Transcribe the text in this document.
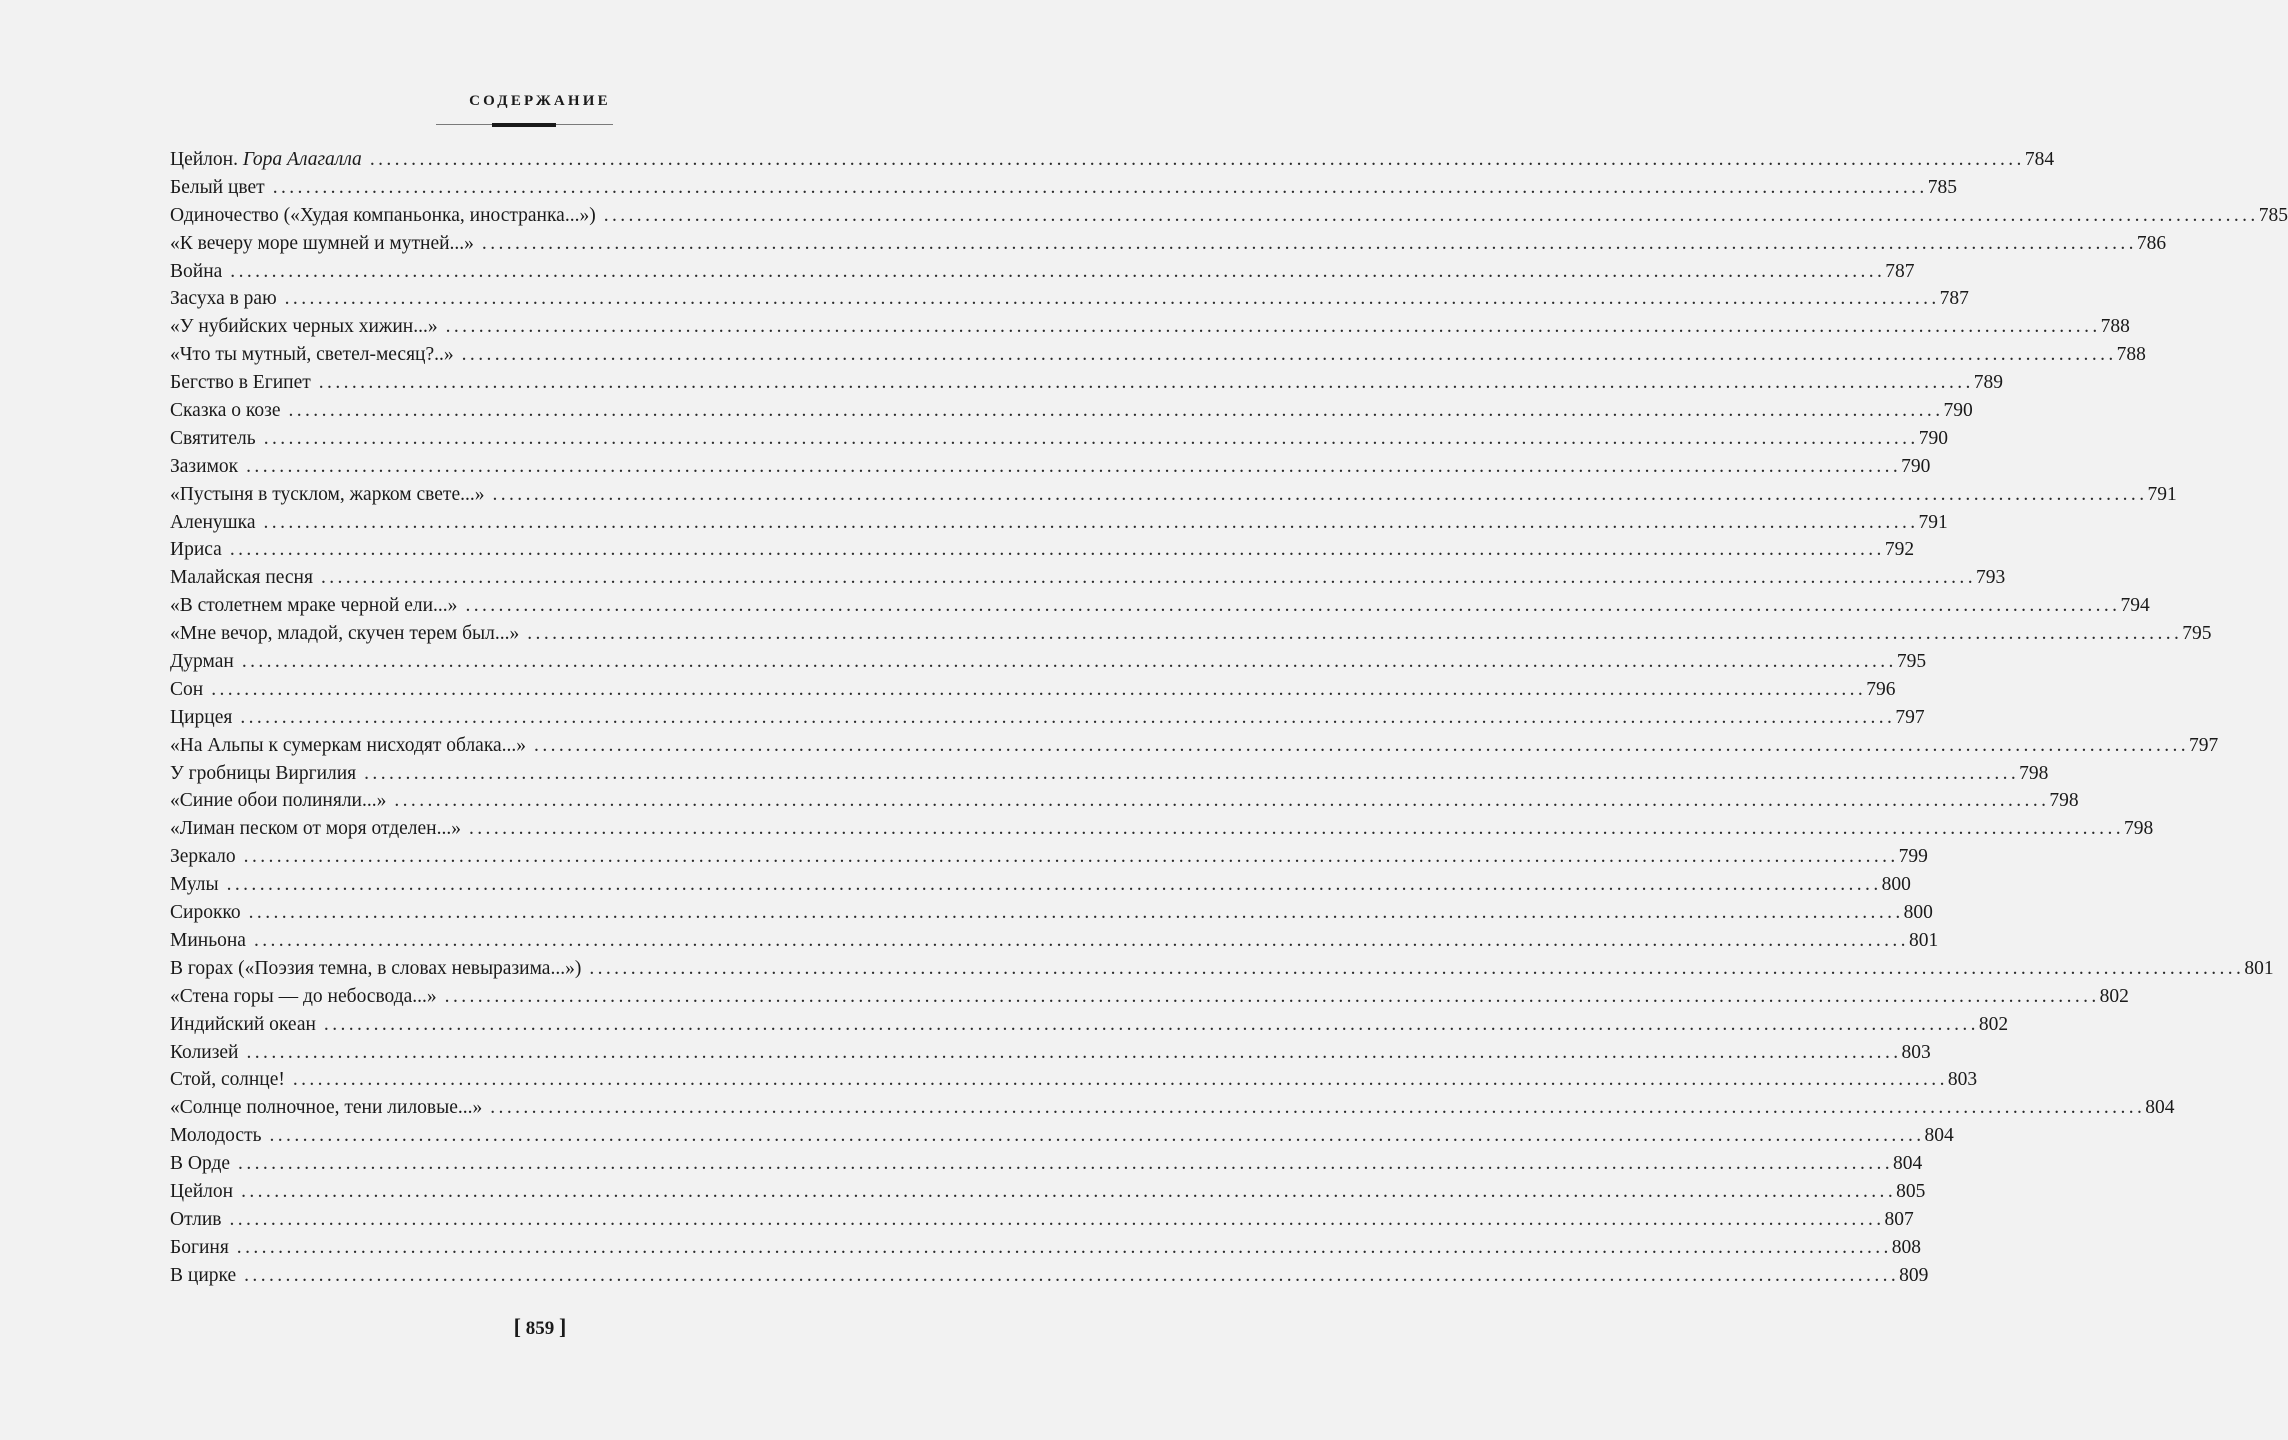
СОДЕРЖАНИЕ
Цейлон. Гора Алагалла ........................................................................................................................................................................................................ 784
Белый цвет ........................................................................................................................................................................................................ 785
Одиночество («Худая компаньонка, иностранка...») ........................................................................................................................................................................................................ 785
«К вечеру море шумней и мутней...» ........................................................................................................................................................................................................ 786
Война ........................................................................................................................................................................................................ 787
Засуха в раю ........................................................................................................................................................................................................ 787
«У нубийских черных хижин...» ........................................................................................................................................................................................................ 788
«Что ты мутный, светел-месяц?..» ........................................................................................................................................................................................................ 788
Бегство в Египет ........................................................................................................................................................................................................ 789
Сказка о козе ........................................................................................................................................................................................................ 790
Святитель ........................................................................................................................................................................................................ 790
Зазимок ........................................................................................................................................................................................................ 790
«Пустыня в тусклом, жарком свете...» ........................................................................................................................................................................................................ 791
Аленушка ........................................................................................................................................................................................................ 791
Ириса ........................................................................................................................................................................................................ 792
Малайская песня ........................................................................................................................................................................................................ 793
«В столетнем мраке черной ели...» ........................................................................................................................................................................................................ 794
«Мне вечор, младой, скучен терем был...» ........................................................................................................................................................................................................ 795
Дурман ........................................................................................................................................................................................................ 795
Сон ........................................................................................................................................................................................................ 796
Цирцея ........................................................................................................................................................................................................ 797
«На Альпы к сумеркам нисходят облака...» ........................................................................................................................................................................................................ 797
У гробницы Виргилия ........................................................................................................................................................................................................ 798
«Синие обои полиняли...» ........................................................................................................................................................................................................ 798
«Лиман песком от моря отделен...» ........................................................................................................................................................................................................ 798
Зеркало ........................................................................................................................................................................................................ 799
Мулы ........................................................................................................................................................................................................ 800
Сирокко ........................................................................................................................................................................................................ 800
Миньона ........................................................................................................................................................................................................ 801
В горах («Поэзия темна, в словах невыразима...») ........................................................................................................................................................................................................ 801
«Стена горы — до небосвода...» ........................................................................................................................................................................................................ 802
Индийский океан ........................................................................................................................................................................................................ 802
Колизей ........................................................................................................................................................................................................ 803
Стой, солнце! ........................................................................................................................................................................................................ 803
«Солнце полночное, тени лиловые...» ........................................................................................................................................................................................................ 804
Молодость ........................................................................................................................................................................................................ 804
В Орде ........................................................................................................................................................................................................ 804
Цейлон ........................................................................................................................................................................................................ 805
Отлив ........................................................................................................................................................................................................ 807
Богиня ........................................................................................................................................................................................................ 808
В цирке ........................................................................................................................................................................................................ 809
[ 859 ]
